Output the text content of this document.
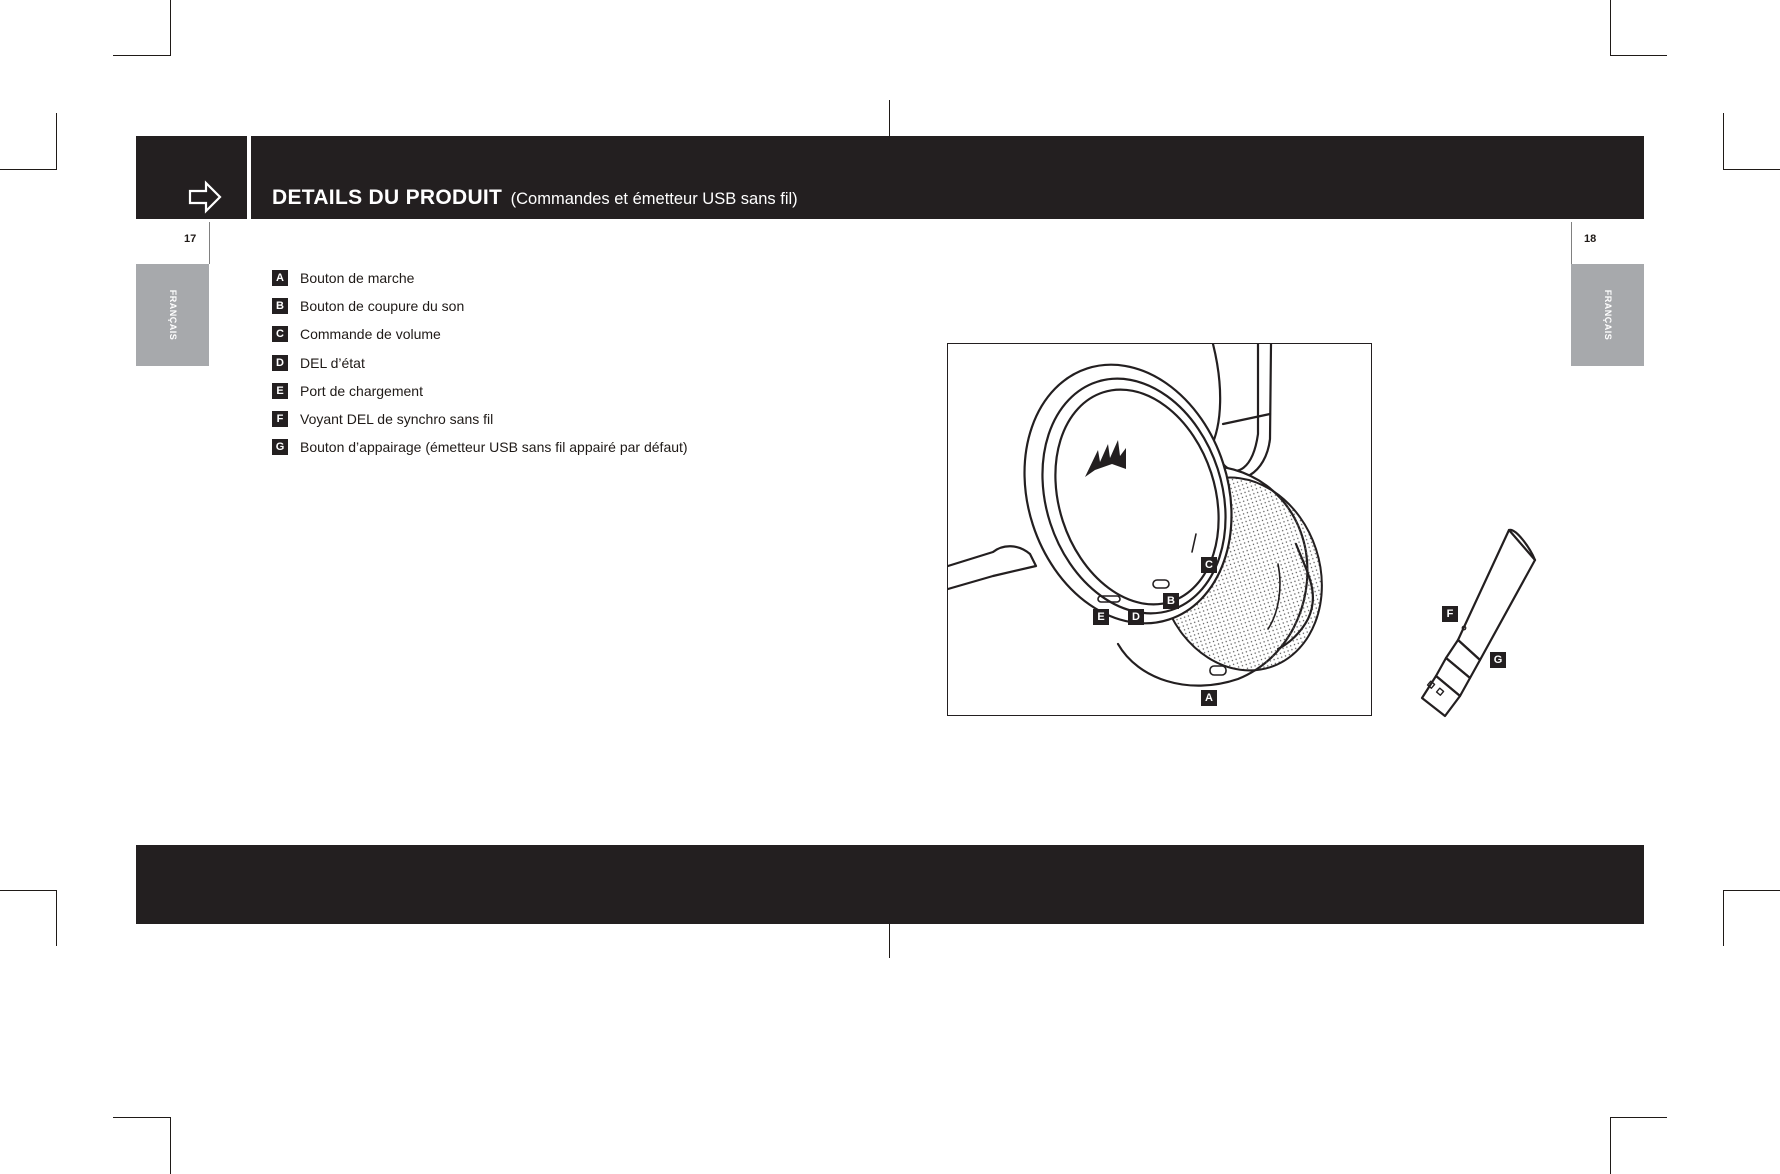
DETAILS DU PRODUIT (Commandes et émetteur USB sans fil)
17	18
FRANÇAIS	FRANÇAIS
A Bouton de marche
B Bouton de coupure du son
C Commande de volume
D DEL d’état
E	Port de chargement
F	Voyant DEL de synchro sans fil
G Bouton d’appairage (émetteur USB sans fil appairé par défaut)
C
B
D
E
A
F
G
